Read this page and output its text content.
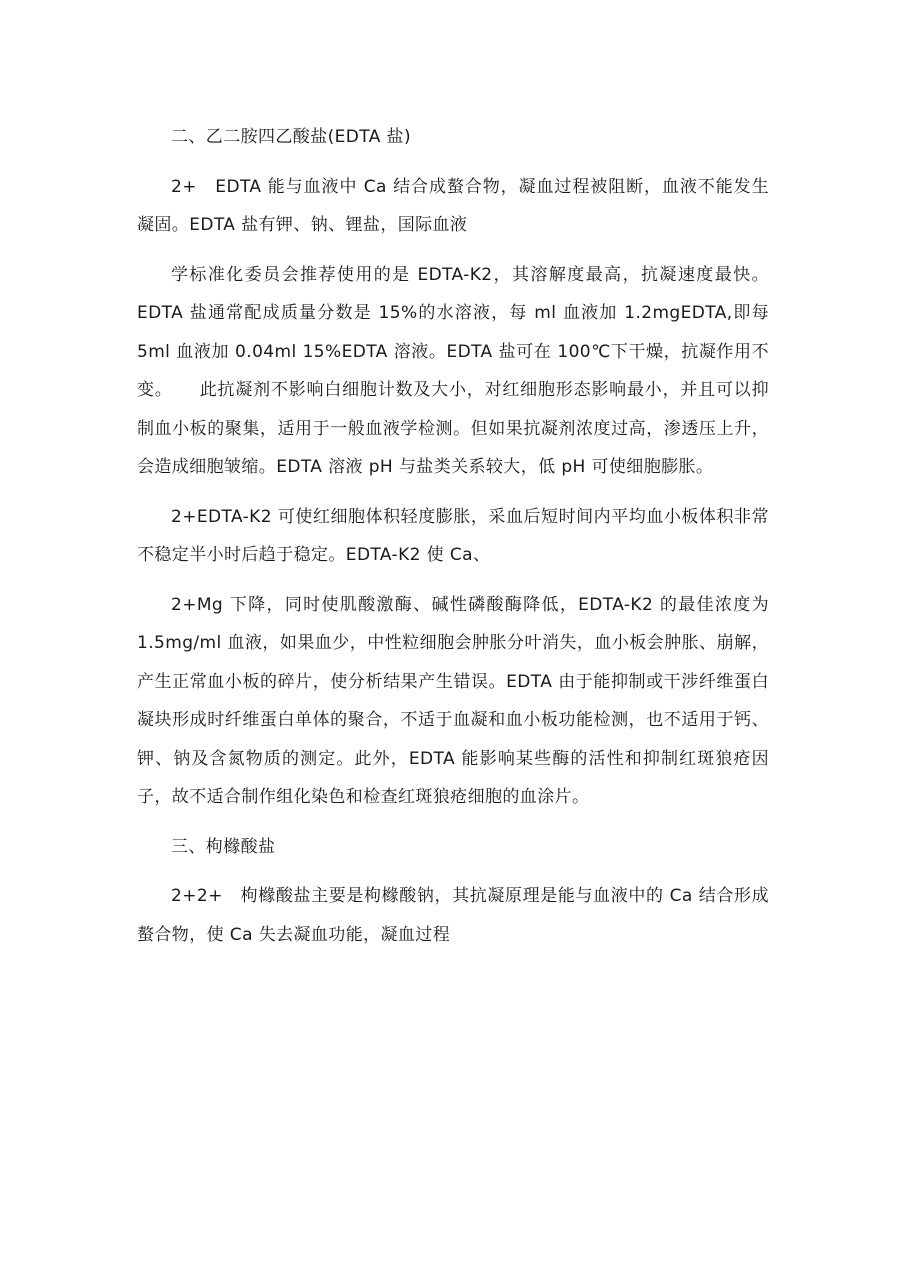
二、乙二胺四乙酸盐(EDTA 盐)

2+　EDTA 能与血液中 Ca 结合成螯合物，凝血过程被阻断，血液不能发生凝固。EDTA 盐有钾、钠、锂盐，国际血液

学标准化委员会推荐使用的是 EDTA-K2，其溶解度最高，抗凝速度最快。EDTA 盐通常配成质量分数是 15%的水溶液，每 ml 血液加 1.2mgEDTA,即每 5ml 血液加 0.04ml 15%EDTA 溶液。EDTA 盐可在 100℃下干燥，抗凝作用不变。　　此抗凝剂不影响白细胞计数及大小，对红细胞形态影响最小，并且可以抑制血小板的聚集，适用于一般血液学检测。但如果抗凝剂浓度过高，渗透压上升，会造成细胞皱缩。EDTA 溶液 pH 与盐类关系较大，低 pH 可使细胞膨胀。

2+EDTA-K2 可使红细胞体积轻度膨胀，采血后短时间内平均血小板体积非常不稳定半小时后趋于稳定。EDTA-K2 使 Ca、

2+Mg 下降，同时使肌酸激酶、碱性磷酸酶降低，EDTA-K2 的最佳浓度为 1.5mg/ml 血液，如果血少，中性粒细胞会肿胀分叶消失，血小板会肿胀、崩解，产生正常血小板的碎片，使分析结果产生错误。EDTA 由于能抑制或干涉纤维蛋白凝块形成时纤维蛋白单体的聚合，不适于血凝和血小板功能检测，也不适用于钙、钾、钠及含氮物质的测定。此外，EDTA 能影响某些酶的活性和抑制红斑狼疮因子，故不适合制作组化染色和检查红斑狼疮细胞的血涂片。

三、枸橼酸盐

2+2+　枸橼酸盐主要是枸橼酸钠，其抗凝原理是能与血液中的 Ca 结合形成螯合物，使 Ca 失去凝血功能，凝血过程
